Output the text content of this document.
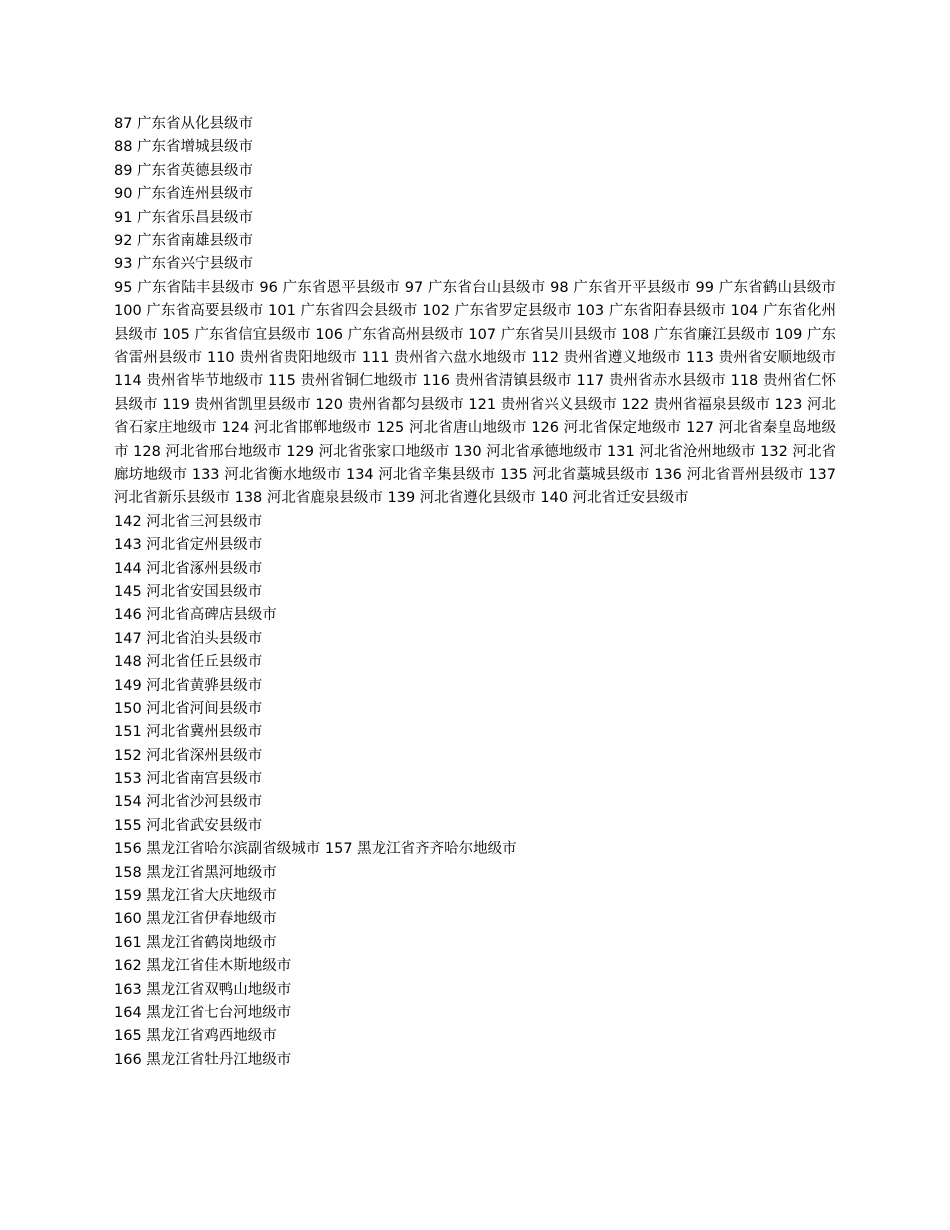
87 广东省从化县级市
88 广东省增城县级市
89 广东省英德县级市
90 广东省连州县级市
91 广东省乐昌县级市
92 广东省南雄县级市
93 广东省兴宁县级市
95 广东省陆丰县级市 96 广东省恩平县级市 97 广东省台山县级市 98 广东省开平县级市 99 广东省鹤山县级市 100 广东省高要县级市 101 广东省四会县级市 102 广东省罗定县级市 103 广东省阳春县级市 104 广东省化州县级市 105 广东省信宜县级市 106 广东省高州县级市 107 广东省吴川县级市 108 广东省廉江县级市 109 广东省雷州县级市 110 贵州省贵阳地级市 111 贵州省六盘水地级市 112 贵州省遵义地级市 113 贵州省安顺地级市 114 贵州省毕节地级市 115 贵州省铜仁地级市 116 贵州省清镇县级市 117 贵州省赤水县级市 118 贵州省仁怀县级市 119 贵州省凯里县级市 120 贵州省都匀县级市 121 贵州省兴义县级市 122 贵州省福泉县级市 123 河北省石家庄地级市 124 河北省邯郸地级市 125 河北省唐山地级市 126 河北省保定地级市 127 河北省秦皇岛地级市 128 河北省邢台地级市 129 河北省张家口地级市 130 河北省承德地级市 131 河北省沧州地级市 132 河北省廊坊地级市 133 河北省衡水地级市 134 河北省辛集县级市 135 河北省藁城县级市 136 河北省晋州县级市 137 河北省新乐县级市 138 河北省鹿泉县级市 139 河北省遵化县级市 140 河北省迁安县级市
142 河北省三河县级市
143 河北省定州县级市
144 河北省涿州县级市
145 河北省安国县级市
146 河北省高碑店县级市
147 河北省泊头县级市
148 河北省任丘县级市
149 河北省黄骅县级市
150 河北省河间县级市
151 河北省冀州县级市
152 河北省深州县级市
153 河北省南宫县级市
154 河北省沙河县级市
155 河北省武安县级市
156 黑龙江省哈尔滨副省级城市 157 黑龙江省齐齐哈尔地级市
158 黑龙江省黑河地级市
159 黑龙江省大庆地级市
160 黑龙江省伊春地级市
161 黑龙江省鹤岗地级市
162 黑龙江省佳木斯地级市
163 黑龙江省双鸭山地级市
164 黑龙江省七台河地级市
165 黑龙江省鸡西地级市
166 黑龙江省牡丹江地级市
